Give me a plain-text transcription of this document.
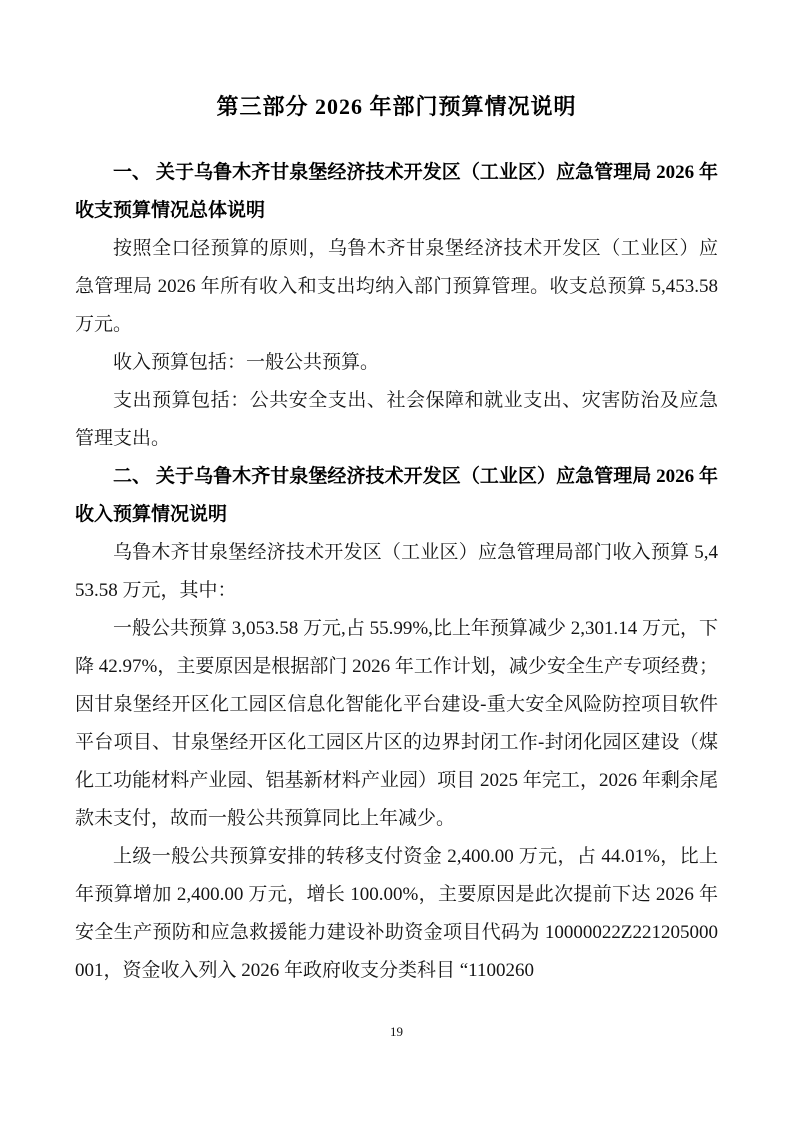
第三部分 2026 年部门预算情况说明
一、 关于乌鲁木齐甘泉堡经济技术开发区（工业区）应急管理局 2026 年收支预算情况总体说明

按照全口径预算的原则，乌鲁木齐甘泉堡经济技术开发区（工业区）应急管理局 2026 年所有收入和支出均纳入部门预算管理。收支总预算 5,453.58 万元。

收入预算包括：一般公共预算。

支出预算包括：公共安全支出、社会保障和就业支出、灾害防治及应急管理支出。

二、 关于乌鲁木齐甘泉堡经济技术开发区（工业区）应急管理局 2026 年收入预算情况说明

乌鲁木齐甘泉堡经济技术开发区（工业区）应急管理局部门收入预算 5,453.58 万元，其中：

一般公共预算 3,053.58 万元,占 55.99%,比上年预算减少 2,301.14 万元，下降 42.97%，主要原因是根据部门 2026 年工作计划，减少安全生产专项经费；因甘泉堡经开区化工园区信息化智能化平台建设-重大安全风险防控项目软件平台项目、甘泉堡经开区化工园区片区的边界封闭工作-封闭化园区建设（煤化工功能材料产业园、铝基新材料产业园）项目 2025 年完工，2026 年剩余尾款未支付，故而一般公共预算同比上年减少。

上级一般公共预算安排的转移支付资金 2,400.00 万元，占 44.01%，比上年预算增加 2,400.00 万元，增长 100.00%，主要原因是此次提前下达 2026 年安全生产预防和应急救援能力建设补助资金项目代码为 10000022Z221205000001，资金收入列入 2026 年政府收支分类科目 “1100260

19
